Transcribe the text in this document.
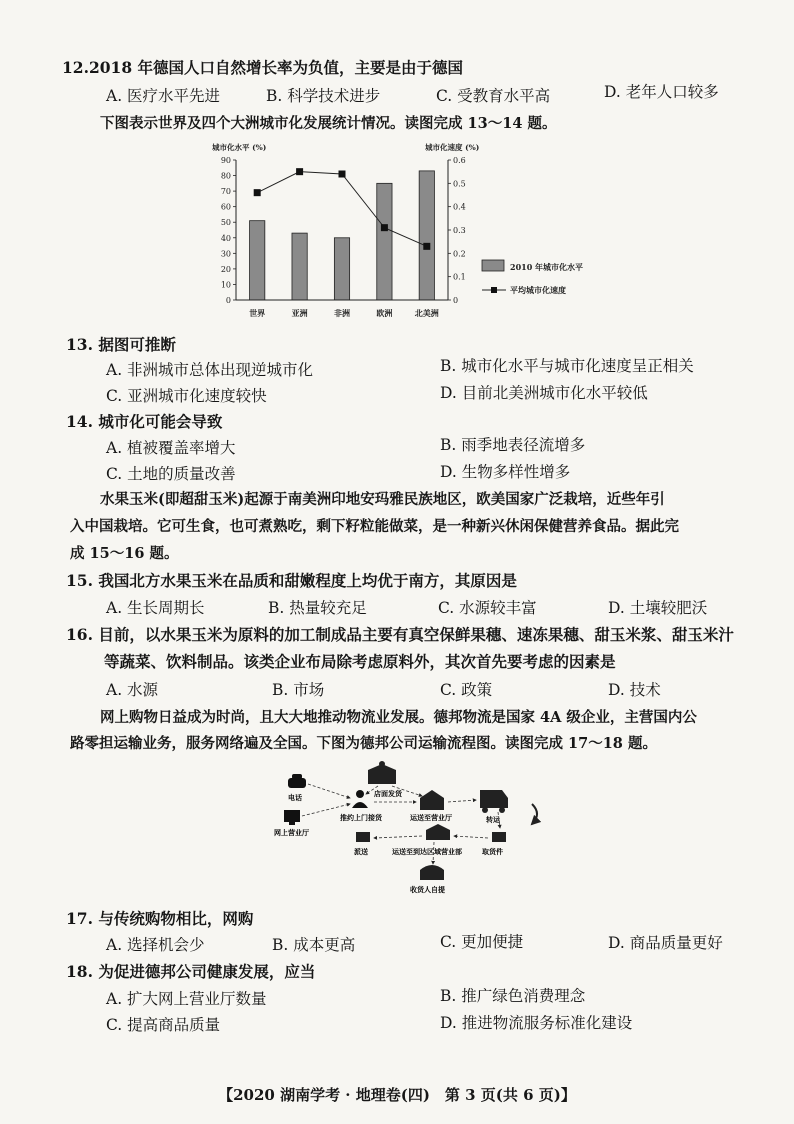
12.2018 年德国人口自然增长率为负值，主要是由于德国
A. 医疗水平先进	B. 科学技术进步	C. 受教育水平高	D. 老年人口较多
下图表示世界及四个大洲城市化发展统计情况。读图完成 13～14 题。
城市化水平 (%)	城市化速度 (%)
0
10
20
30
40
50
60
70
80
90
0
0.1
0.2
0.3
0.4
0.5
0.6
世界	亚洲	非洲	欧洲	北美洲
2010 年城市化水平
平均城市化速度
13. 据图可推断
A. 非洲城市总体出现逆城市化	B. 城市化水平与城市化速度呈正相关
C. 亚洲城市化速度较快	D. 目前北美洲城市化水平较低
14. 城市化可能会导致
A. 植被覆盖率增大	B. 雨季地表径流增多
C. 土地的质量改善	D. 生物多样性增多
水果玉米(即超甜玉米)起源于南美洲印地安玛雅民族地区，欧美国家广泛栽培，近些年引
入中国栽培。它可生食，也可煮熟吃，剩下籽粒能做菜，是一种新兴休闲保健营养食品。据此完
成 15～16 题。
15. 我国北方水果玉米在品质和甜嫩程度上均优于南方，其原因是
A. 生长周期长	B. 热量较充足	C. 水源较丰富	D. 土壤较肥沃
16. 目前，以水果玉米为原料的加工制成品主要有真空保鲜果穗、速冻果穗、甜玉米浆、甜玉米汁
等蔬菜、饮料制品。该类企业布局除考虑原料外，其次首先要考虑的因素是
A. 水源	B. 市场	C. 政策	D. 技术
网上购物日益成为时尚，且大大地推动物流业发展。德邦物流是国家 4A 级企业，主营国内公
路零担运输业务，服务网络遍及全国。下图为德邦公司运输流程图。读图完成 17～18 题。
电话
网上营业厅
店面发货
推约上门接货	运送至营业厅	转运
派送	运送至到达区域营业部	取货件
收货人自提
17. 与传统购物相比，网购
A. 选择机会少	B. 成本更高	C. 更加便捷	D. 商品质量更好
18. 为促进德邦公司健康发展，应当
A. 扩大网上营业厅数量	B. 推广绿色消费理念
C. 提高商品质量	D. 推进物流服务标准化建设
【2020 湖南学考 · 地理卷(四)　第 3 页(共 6 页)】
